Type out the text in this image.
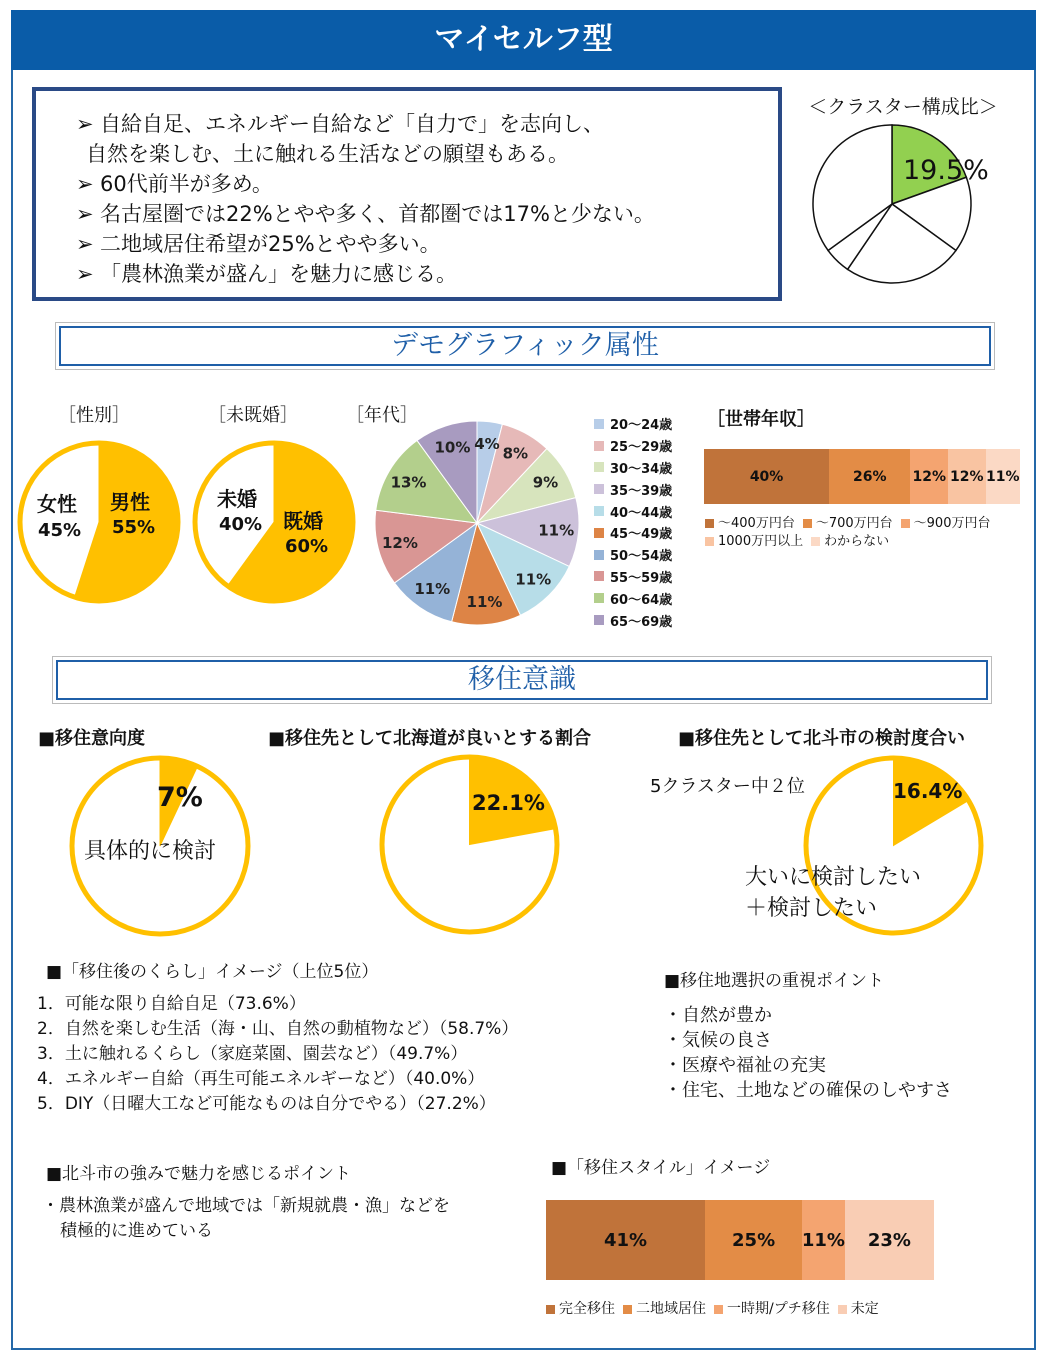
マイセルフ型
➢ 自給自足、エネルギー自給など「自力で」を志向し、
自然を楽しむ、土に触れる生活などの願望もある。
➢ 60代前半が多め。
➢ 名古屋圏では22%とやや多く、首都圏では17%と少ない。
➢ 二地域居住希望が25%とやや多い。
➢ 「農林漁業が盛ん」を魅力に感じる。
＜クラスター構成比＞
19.5%
デモグラフィック属性
［性別］	［未既婚］	［年代］	［世帯年収］
女性
45%
男性
55%
未婚
40% 既婚
60%
4%
8%
9%
11%
11%
11%
11%
12%
13%
10%
20～24歳
25～29歳
30～34歳
35～39歳
40～44歳
45～49歳
50～54歳
55～59歳
60～64歳
65～69歳
40%	26%	12% 12% 11%
～400万円台 ～700万円台 ～900万円台
1000万円以上 わからない
移住意識
■移住意向度	■移住先として北海道が良いとする割合	■移住先として北斗市の検討度合い
7%
具体的に検討
22.1%
5クラスター中２位	16.4%
大いに検討したい
＋検討したい
■「移住後のくらし」イメージ（上位5位）
1．可能な限り自給自足（73.6%）
2．自然を楽しむ生活（海・山、自然の動植物など）（58.7%）
3．土に触れるくらし（家庭菜園、園芸など）（49.7%）
4．エネルギー自給（再生可能エネルギーなど）（40.0%）
5．DIY（日曜大工など可能なものは自分でやる）（27.2%）
■移住地選択の重視ポイント
・自然が豊か
・気候の良さ
・医療や福祉の充実
・住宅、土地などの確保のしやすさ
■北斗市の強みで魅力を感じるポイント
・農林漁業が盛んで地域では「新規就農・漁」などを
積極的に進めている
■「移住スタイル」イメージ
41%	25%	11%	23%
完全移住 二地域居住 一時期/プチ移住 未定
